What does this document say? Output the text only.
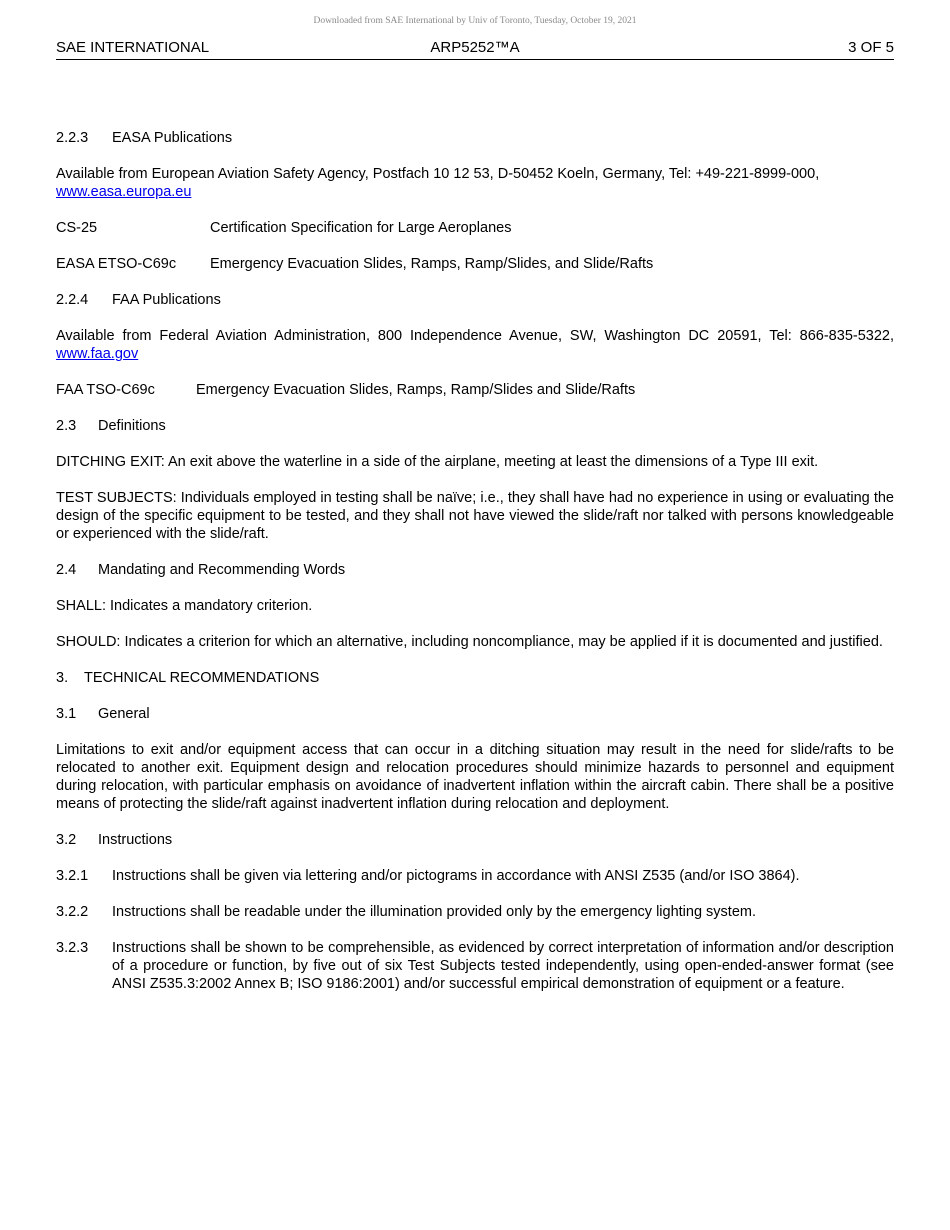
Downloaded from SAE International by Univ of Toronto, Tuesday, October 19, 2021
ARP5252™A
SAE INTERNATIONAL	3 OF 5

2.2.3 EASA Publications

Available from European Aviation Safety Agency, Postfach 10 12 53, D-50452 Koeln, Germany, Tel: +49-221-8999-000,
www.easa.europa.eu

CS-25	Certification Specification for Large Aeroplanes
EASA ETSO-C69c	Emergency Evacuation Slides, Ramps, Ramp/Slides, and Slide/Rafts

2.2.4 FAA Publications

Available from Federal Aviation Administration, 800 Independence Avenue, SW, Washington DC 20591, Tel: 866-835-5322, www.faa.gov

FAA TSO-C69c	Emergency Evacuation Slides, Ramps, Ramp/Slides and Slide/Rafts

2.3 Definitions

DITCHING EXIT: An exit above the waterline in a side of the airplane, meeting at least the dimensions of a Type III exit.

TEST SUBJECTS: Individuals employed in testing shall be naïve; i.e., they shall have had no experience in using or evaluating the design of the specific equipment to be tested, and they shall not have viewed the slide/raft nor talked with persons knowledgeable or experienced with the slide/raft.

2.4 Mandating and Recommending Words

SHALL: Indicates a mandatory criterion.

SHOULD: Indicates a criterion for which an alternative, including noncompliance, may be applied if it is documented and justified.

3. TECHNICAL RECOMMENDATIONS

3.1 General

Limitations to exit and/or equipment access that can occur in a ditching situation may result in the need for slide/rafts to be relocated to another exit. Equipment design and relocation procedures should minimize hazards to personnel and equipment during relocation, with particular emphasis on avoidance of inadvertent inflation within the aircraft cabin. There shall be a positive means of protecting the slide/raft against inadvertent inflation during relocation and deployment.

3.2 Instructions

3.2.1	Instructions shall be given via lettering and/or pictograms in accordance with ANSI Z535 (and/or ISO 3864).
3.2.2	Instructions shall be readable under the illumination provided only by the emergency lighting system.
3.2.3	Instructions shall be shown to be comprehensible, as evidenced by correct interpretation of information and/or description of a procedure or function, by five out of six Test Subjects tested independently, using open-ended-answer format (see ANSI Z535.3:2002 Annex B; ISO 9186:2001) and/or successful empirical demonstration of equipment or a feature.
